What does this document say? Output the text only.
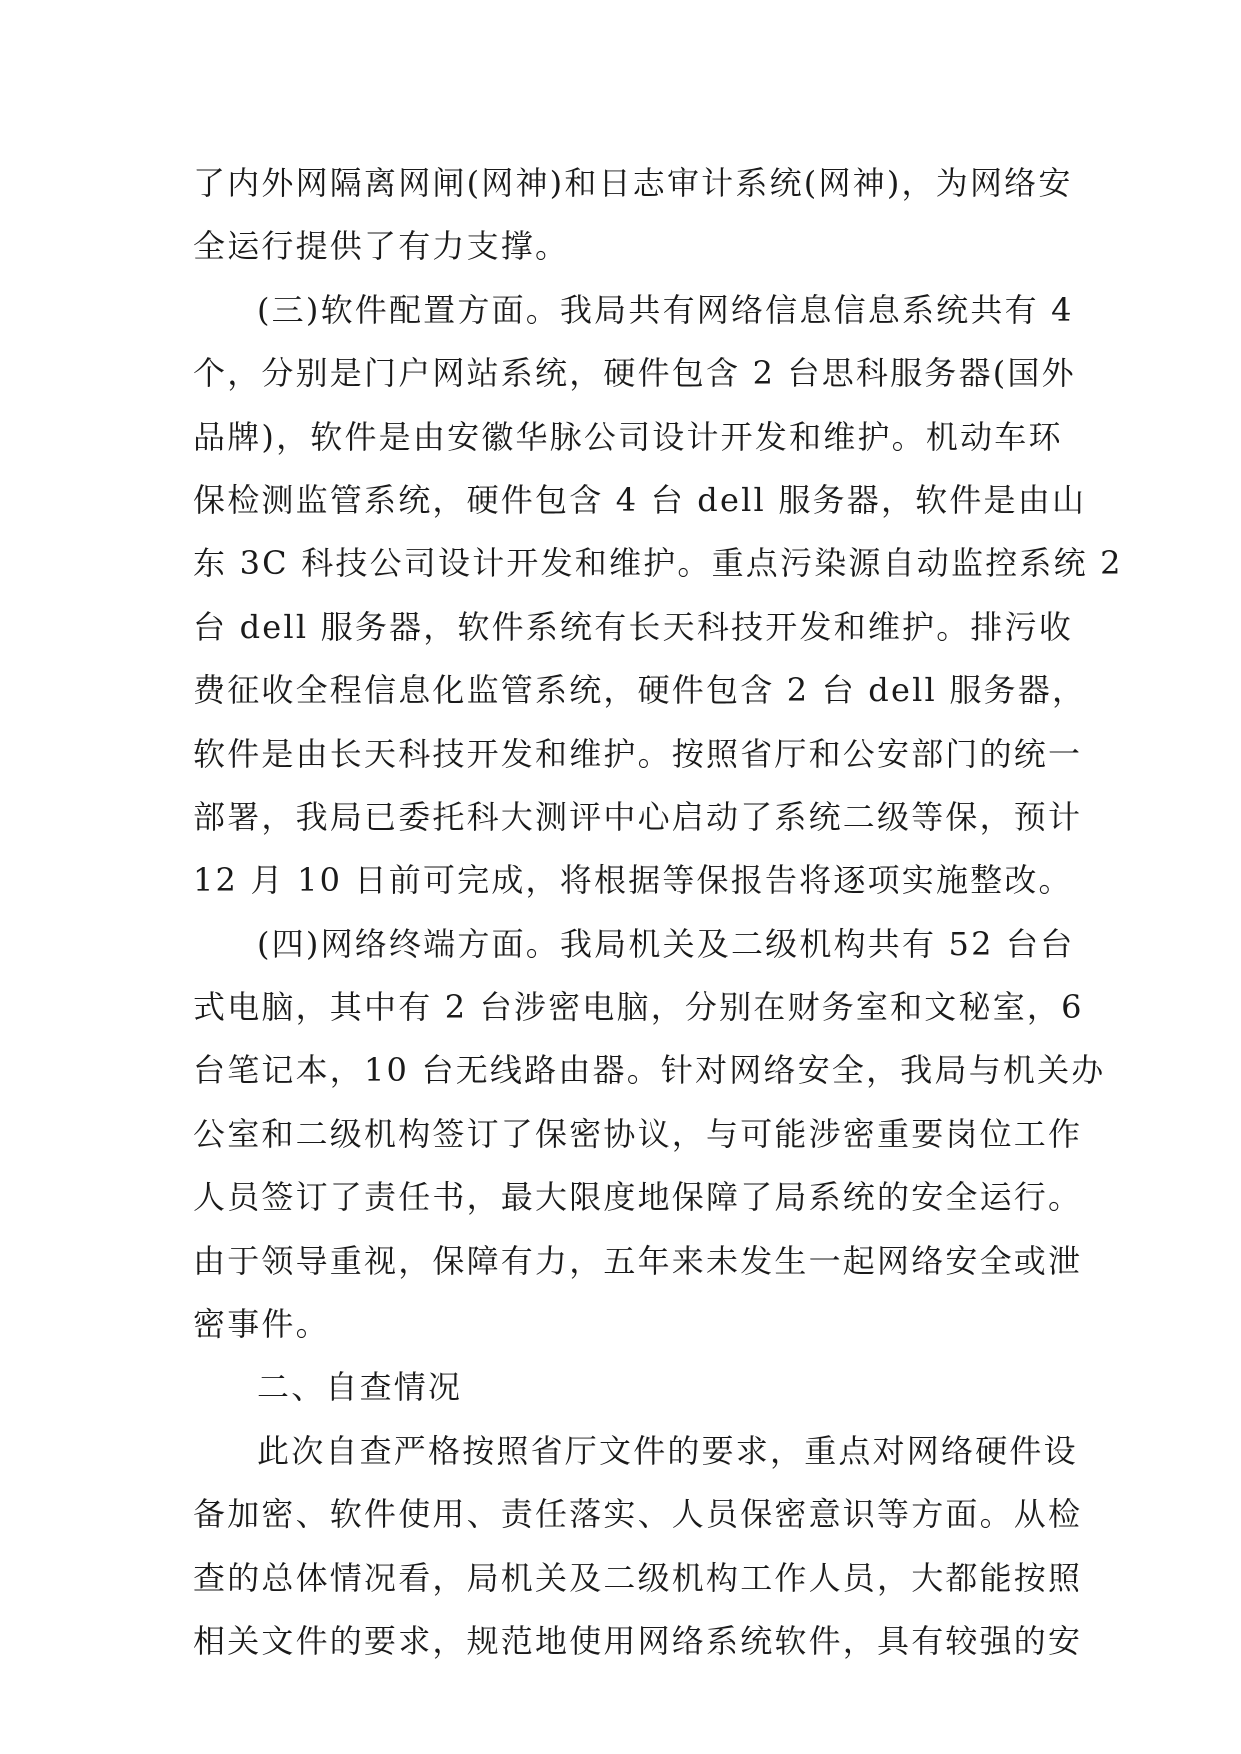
了内外网隔离网闸(网神)和日志审计系统(网神)，为网络安
全运行提供了有力支撑。
(三)软件配置方面。我局共有网络信息信息系统共有 4
个，分别是门户网站系统，硬件包含 2 台思科服务器(国外
品牌)，软件是由安徽华脉公司设计开发和维护。机动车环
保检测监管系统，硬件包含 4 台 dell 服务器，软件是由山
东 3C 科技公司设计开发和维护。重点污染源自动监控系统 2
台 dell 服务器，软件系统有长天科技开发和维护。排污收
费征收全程信息化监管系统，硬件包含 2 台 dell 服务器，
软件是由长天科技开发和维护。按照省厅和公安部门的统一
部署，我局已委托科大测评中心启动了系统二级等保，预计
12 月 10 日前可完成，将根据等保报告将逐项实施整改。
(四)网络终端方面。我局机关及二级机构共有 52 台台
式电脑，其中有 2 台涉密电脑，分别在财务室和文秘室，6
台笔记本，10 台无线路由器。针对网络安全，我局与机关办
公室和二级机构签订了保密协议，与可能涉密重要岗位工作
人员签订了责任书，最大限度地保障了局系统的安全运行。
由于领导重视，保障有力，五年来未发生一起网络安全或泄
密事件。
二、自查情况
此次自查严格按照省厅文件的要求，重点对网络硬件设
备加密、软件使用、责任落实、人员保密意识等方面。从检
查的总体情况看，局机关及二级机构工作人员，大都能按照
相关文件的要求，规范地使用网络系统软件，具有较强的安
